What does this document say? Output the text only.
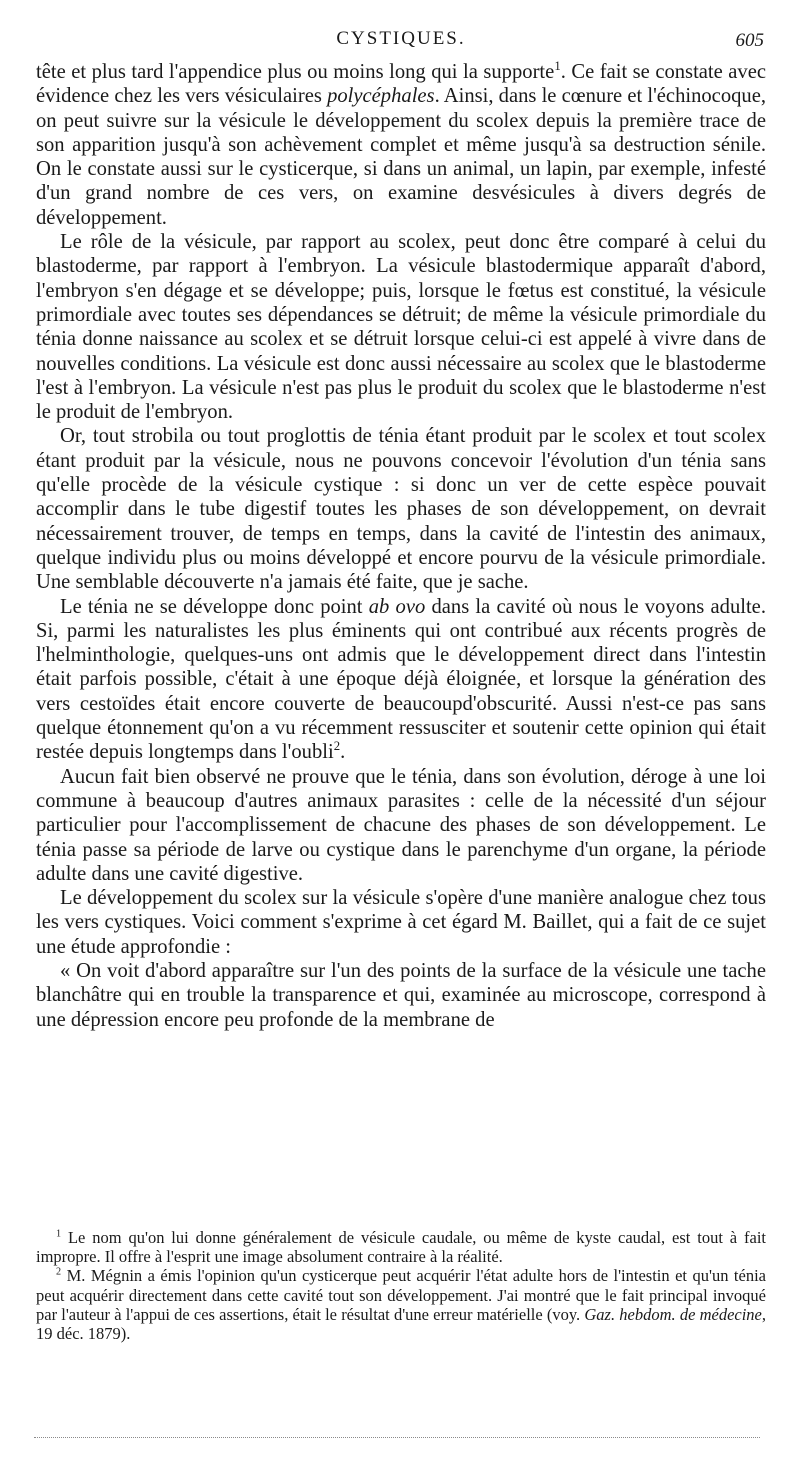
CYSTIQUES.	605

tête et plus tard l'appendice plus ou moins long qui la supporte$^1$. Ce fait se constate avec évidence chez les vers vésiculaires polycéphales. Ainsi, dans le cœnure et l'échinocoque, on peut suivre sur la vésicule le développement du scolex depuis la première trace de son apparition jusqu'à son achèvement complet et même jusqu'à sa destruction sénile. On le constate aussi sur le cysticerque, si dans un animal, un lapin, par exemple, infesté d'un grand nombre de ces vers, on examine desvésicules à divers degrés de développement.

Le rôle de la vésicule, par rapport au scolex, peut donc être comparé à celui du blastoderme, par rapport à l'embryon. La vésicule blastodermique apparaît d'abord, l'embryon s'en dégage et se développe; puis, lorsque le fœtus est constitué, la vésicule primordiale avec toutes ses dépendances se détruit; de même la vésicule primordiale du ténia donne naissance au scolex et se détruit lorsque celui-ci est appelé à vivre dans de nouvelles conditions. La vésicule est donc aussi nécessaire au scolex que le blastoderme l'est à l'embryon. La vésicule n'est pas plus le produit du scolex que le blastoderme n'est le produit de l'embryon.

Or, tout strobila ou tout proglottis de ténia étant produit par le scolex et tout scolex étant produit par la vésicule, nous ne pouvons concevoir l'évolution d'un ténia sans qu'elle procède de la vésicule cystique : si donc un ver de cette espèce pouvait accomplir dans le tube digestif toutes les phases de son développement, on devrait nécessairement trouver, de temps en temps, dans la cavité de l'intestin des animaux, quelque individu plus ou moins développé et encore pourvu de la vésicule primordiale. Une semblable découverte n'a jamais été faite, que je sache.

Le ténia ne se développe donc point ab ovo dans la cavité où nous le voyons adulte. Si, parmi les naturalistes les plus éminents qui ont contribué aux récents progrès de l'helminthologie, quelques-uns ont admis que le développement direct dans l'intestin était parfois possible, c'était à une époque déjà éloignée, et lorsque la génération des vers cestoïdes était encore couverte de beaucoupd'obscurité. Aussi n'est-ce pas sans quelque étonnement qu'on a vu récemment ressusciter et soutenir cette opinion qui était restée depuis longtemps dans l'oubli$^2$.

Aucun fait bien observé ne prouve que le ténia, dans son évolution, déroge à une loi commune à beaucoup d'autres animaux parasites : celle de la nécessité d'un séjour particulier pour l'accomplissement de chacune des phases de son développement. Le ténia passe sa période de larve ou cystique dans le parenchyme d'un organe, la période adulte dans une cavité digestive.

Le développement du scolex sur la vésicule s'opère d'une manière analogue chez tous les vers cystiques. Voici comment s'exprime à cet égard M. Baillet, qui a fait de ce sujet une étude approfondie :

« On voit d'abord apparaître sur l'un des points de la surface de la vésicule une tache blanchâtre qui en trouble la transparence et qui, examinée au microscope, correspond à une dépression encore peu profonde de la membrane de

$^1$ Le nom qu'on lui donne généralement de vésicule caudale, ou même de kyste caudal, est tout à fait impropre. Il offre à l'esprit une image absolument contraire à la réalité.

$^2$ M. Mégnin a émis l'opinion qu'un cysticerque peut acquérir l'état adulte hors de l'intestin et qu'un ténia peut acquérir directement dans cette cavité tout son développement. J'ai montré que le fait principal invoqué par l'auteur à l'appui de ces assertions, était le résultat d'une erreur matérielle (voy. Gaz. hebdom. de médecine, 19 déc. 1879).
